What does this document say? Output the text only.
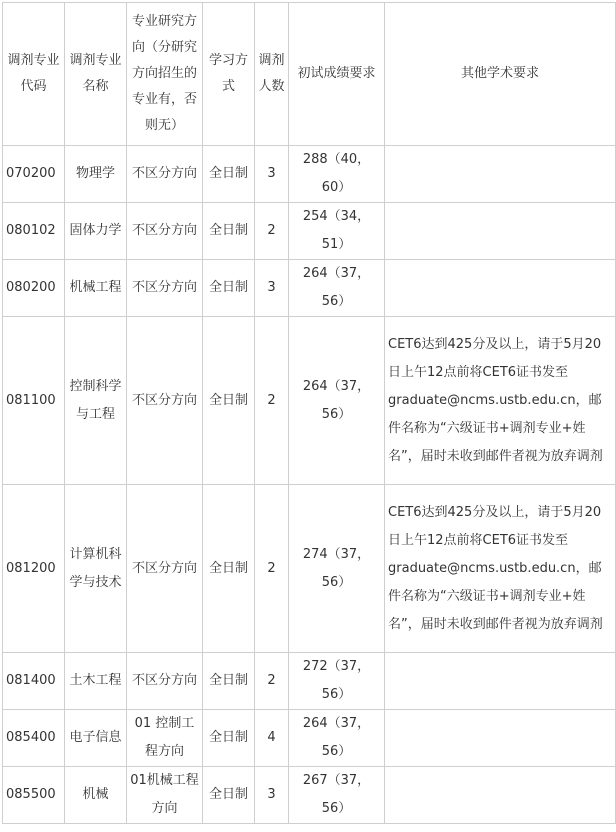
调剂专业代码	调剂专业名称	专业研究方向（分研究方向招生的专业有，否则无）	学习方式	调剂人数	初试成绩要求	其他学术要求
070200	物理学	不区分方向	全日制	3	288（40，60）	
080102	固体力学	不区分方向	全日制	2	254（34，51）	
080200	机械工程	不区分方向	全日制	3	264（37，56）	
081100	控制科学与工程	不区分方向	全日制	2	264（37，56）	CET6达到425分及以上，请于5月20日上午12点前将CET6证书发至graduate@ncms.ustb.edu.cn，邮件名称为“六级证书+调剂专业+姓名”，届时未收到邮件者视为放弃调剂
081200	计算机科学与技术	不区分方向	全日制	2	274（37，56）	CET6达到425分及以上，请于5月20日上午12点前将CET6证书发至graduate@ncms.ustb.edu.cn，邮件名称为“六级证书+调剂专业+姓名”，届时未收到邮件者视为放弃调剂
081400	土木工程	不区分方向	全日制	2	272（37，56）	
085400	电子信息	01 控制工程方向	全日制	4	264（37，56）	
085500	机械	01机械工程方向	全日制	3	267（37，56）	
